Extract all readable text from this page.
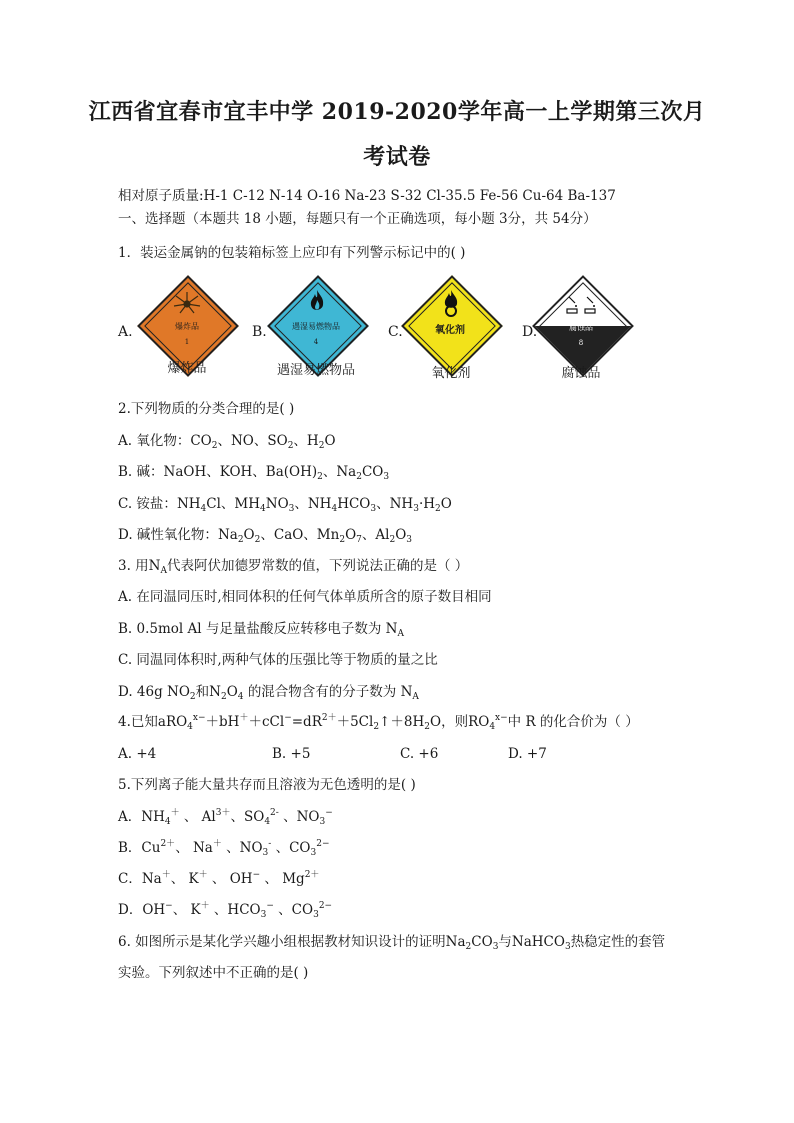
江西省宜春市宜丰中学 2019-2020学年高一上学期第三次月
考试卷
相对原子质量:H-1 C-12 N-14 O-16 Na-23 S-32 Cl-35.5 Fe-56 Cu-64 Ba-137
一、选择题（本题共 18 小题，每题只有一个正确选项，每小题 3分，共 54分）
1．装运金属钠的包装箱标签上应印有下列警示标记中的( )
A.	爆炸品
1
爆炸品
B.	遇湿易燃物品
4
遇湿易燃物品
C.	氧化剂
氧化剂
D.	腐蚀品
8
腐蚀品
2.下列物质的分类合理的是( )
A. 氧化物：$CO_2$、NO、$SO_2$、$H_2O$
B. 碱：NaOH、KOH、$Ba(OH)_2$、$Na_2CO_3$
C. 铵盐：$NH_4Cl$、$MH_4NO_3$、$NH_4HCO_3$、$NH_3\cdot H_2O$
D. 碱性氧化物：$Na_2O_2$、CaO、$Mn_2O_7$、$Al_2O_3$
3. 用$N_A$代表阿伏加德罗常数的值，下列说法正确的是（ ）
A. 在同温同压时,相同体积的任何气体单质所含的原子数目相同
B. 0.5mol Al 与足量盐酸反应转移电子数为 $N_A$
C. 同温同体积时,两种气体的压强比等于物质的量之比
D. 46g $NO_2$和$N_2O_4$ 的混合物含有的分子数为 $N_A$
4.已知$aRO_4^{x-}+bH^++cCl^-=dR^{2+}+5Cl_2↑+8H_2O$，则$RO_4^{x-}$中 R 的化合价为（ ）
A. +4	B. +5	C. +6	D. +7
5.下列离子能大量共存而且溶液为无色透明的是( )
A．$NH_4^+$ 、 $Al^{3+}$、$SO_4^{2-}$ 、$NO_3^-$
B．$Cu^{2+}$、 Na＋ 、$NO_3^-$ 、$CO_3^{2-}$
C．Na＋、 K＋ 、 OH− 、 $Mg^{2+}$
D．OH−、 K＋ 、$HCO_3^-$ 、$CO_3^{2-}$
6. 如图所示是某化学兴趣小组根据教材知识设计的证明$Na_2CO_3$与NaHCO$_3$热稳定性的套管
实验。下列叙述中不正确的是( )
